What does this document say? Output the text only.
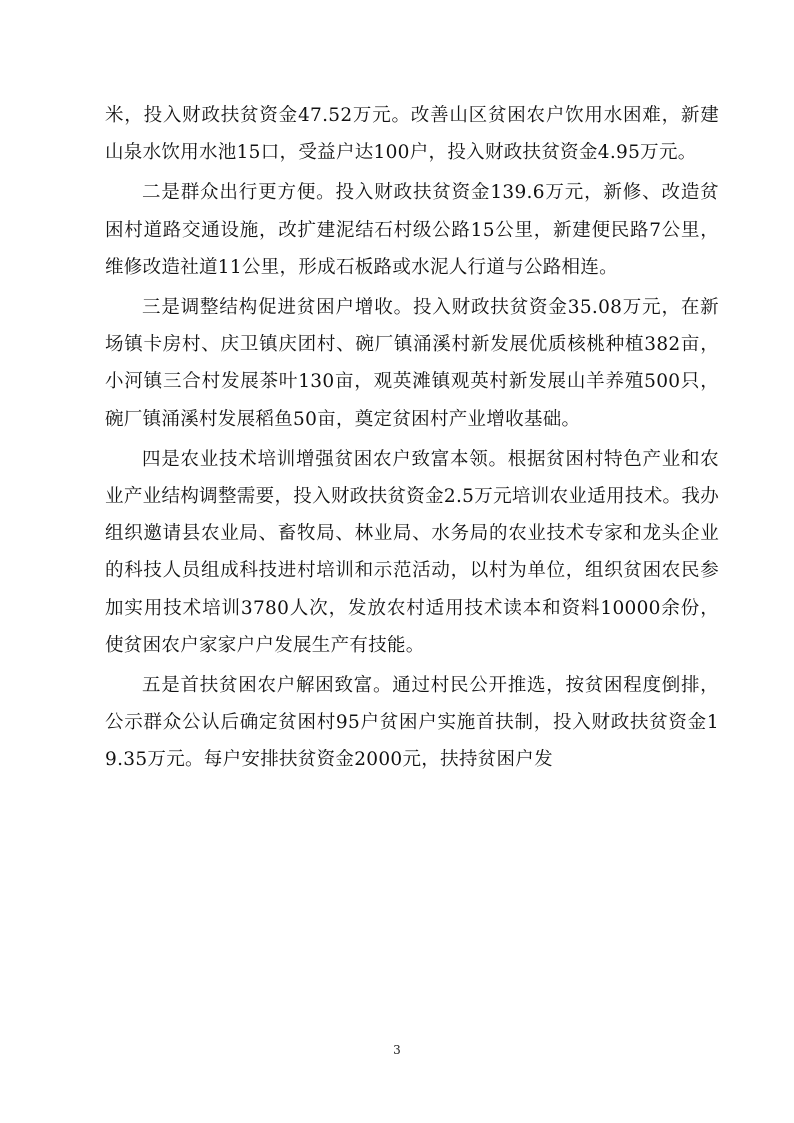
米，投入财政扶贫资金47.52万元。改善山区贫困农户饮用水困难，新建山泉水饮用水池15口，受益户达100户，投入财政扶贫资金4.95万元。

二是群众出行更方便。投入财政扶贫资金139.6万元，新修、改造贫困村道路交通设施，改扩建泥结石村级公路15公里，新建便民路7公里，维修改造社道11公里，形成石板路或水泥人行道与公路相连。

三是调整结构促进贫困户增收。投入财政扶贫资金35.08万元，在新场镇卡房村、庆卫镇庆团村、碗厂镇涌溪村新发展优质核桃种植382亩，小河镇三合村发展茶叶130亩，观英滩镇观英村新发展山羊养殖500只，碗厂镇涌溪村发展稻鱼50亩，奠定贫困村产业增收基础。

四是农业技术培训增强贫困农户致富本领。根据贫困村特色产业和农业产业结构调整需要，投入财政扶贫资金2.5万元培训农业适用技术。我办组织邀请县农业局、畜牧局、林业局、水务局的农业技术专家和龙头企业的科技人员组成科技进村培训和示范活动，以村为单位，组织贫困农民参加实用技术培训3780人次，发放农村适用技术读本和资料10000余份，使贫困农户家家户户发展生产有技能。

五是首扶贫困农户解困致富。通过村民公开推选，按贫困程度倒排，公示群众公认后确定贫困村95户贫困户实施首扶制，投入财政扶贫资金19.35万元。每户安排扶贫资金2000元，扶持贫困户发

3
